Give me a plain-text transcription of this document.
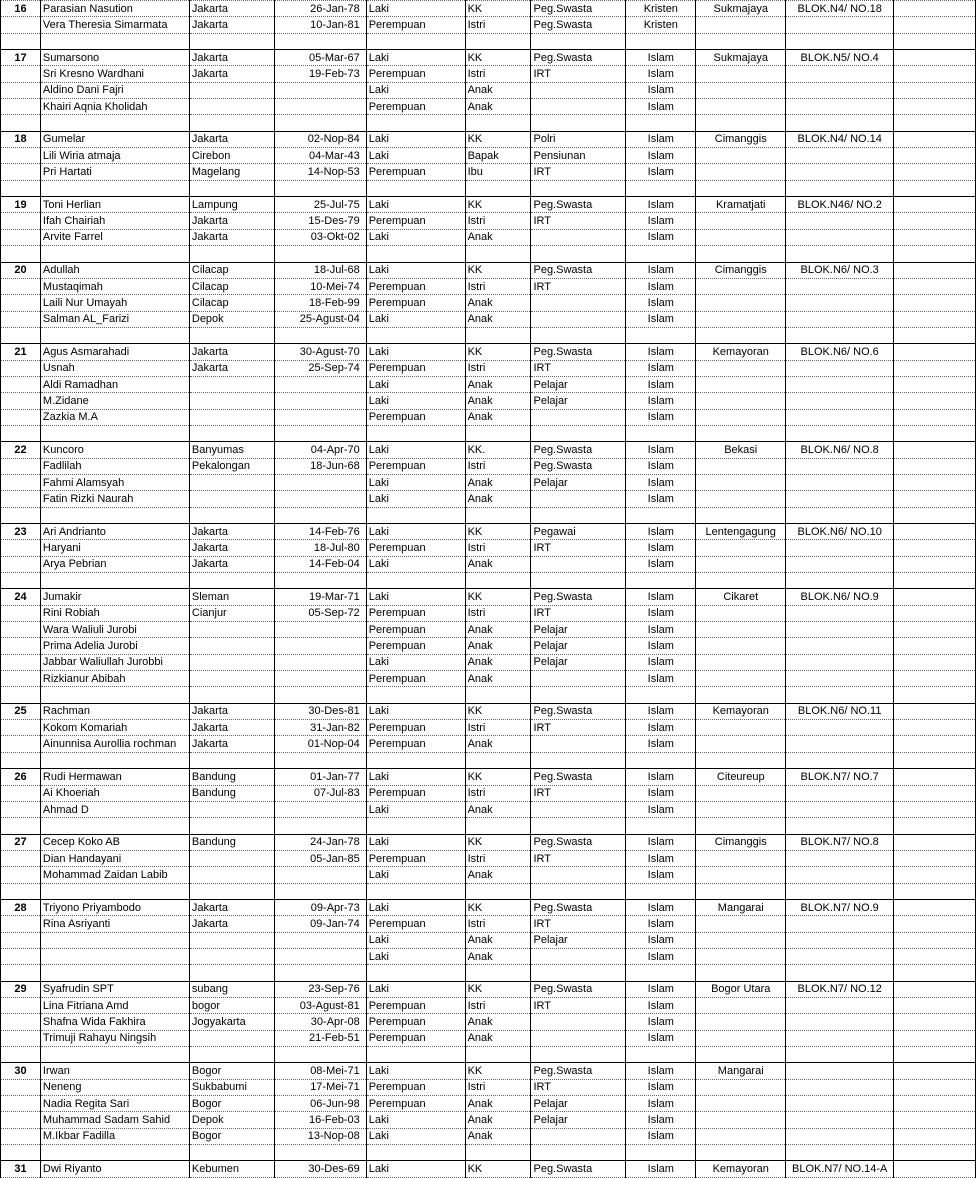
16	Parasian Nasution	Jakarta	26-Jan-78	Laki	KK	Peg.Swasta	Kristen	Sukmajaya	BLOK.N4/ NO.18	
	Vera Theresia Simarmata	Jakarta	10-Jan-81	Perempuan	Istri	Peg.Swasta	Kristen			

17	Sumarsono	Jakarta	05-Mar-67	Laki	KK	Peg.Swasta	Islam	Sukmajaya	BLOK.N5/ NO.4	
	Sri Kresno Wardhani	Jakarta	19-Feb-73	Perempuan	Istri	IRT	Islam			
	Aldino Dani Fajri			Laki	Anak		Islam			
	Khairi Aqnia Kholidah			Perempuan	Anak		Islam			

18	Gumelar	Jakarta	02-Nop-84	Laki	KK	Polri	Islam	Cimanggis	BLOK.N4/ NO.14	
	Lili Wiria atmaja	Cirebon	04-Mar-43	Laki	Bapak	Pensiunan	Islam			
	Pri Hartati	Magelang	14-Nop-53	Perempuan	Ibu	IRT	Islam			

19	Toni Herlian	Lampung	25-Jul-75	Laki	KK	Peg.Swasta	Islam	Kramatjati	BLOK.N46/ NO.2	
	Ifah Chairiah	Jakarta	15-Des-79	Perempuan	Istri	IRT	Islam			
	Arvite Farrel	Jakarta	03-Okt-02	Laki	Anak		Islam			

20	Adullah	Cilacap	18-Jul-68	Laki	KK	Peg.Swasta	Islam	Cimanggis	BLOK.N6/ NO.3	
	Mustaqimah	Cilacap	10-Mei-74	Perempuan	Istri	IRT	Islam			
	Laili Nur Umayah	Cilacap	18-Feb-99	Perempuan	Anak		Islam			
	Salman AL_Farizi	Depok	25-Agust-04	Laki	Anak		Islam			

21	Agus Asmarahadi	Jakarta	30-Agust-70	Laki	KK	Peg.Swasta	Islam	Kemayoran	BLOK.N6/ NO.6	
	Usnah	Jakarta	25-Sep-74	Perempuan	Istri	IRT	Islam			
	Aldi Ramadhan			Laki	Anak	Pelajar	Islam			
	M.Zidane			Laki	Anak	Pelajar	Islam			
	Zazkia M.A			Perempuan	Anak		Islam			

22	Kuncoro	Banyumas	04-Apr-70	Laki	KK.	Peg.Swasta	Islam	Bekasi	BLOK.N6/ NO.8	
	Fadlilah	Pekalongan	18-Jun-68	Perempuan	Istri	Peg.Swasta	Islam			
	Fahmi Alamsyah			Laki	Anak	Pelajar	Islam			
	Fatin Rizki Naurah			Laki	Anak		Islam			

23	Ari Andrianto	Jakarta	14-Feb-76	Laki	KK	Pegawai	Islam	Lentengagung	BLOK.N6/ NO.10	
	Haryani	Jakarta	18-Jul-80	Perempuan	Istri	IRT	Islam			
	Arya Pebrian	Jakarta	14-Feb-04	Laki	Anak		Islam			

24	Jumakir	Sleman	19-Mar-71	Laki	KK	Peg.Swasta	Islam	Cikaret	BLOK.N6/ NO.9	
	Rini Robiah	Cianjur	05-Sep-72	Perempuan	Istri	IRT	Islam			
	Wara Waliuli Jurobi			Perempuan	Anak	Pelajar	Islam			
	Prima Adelia Jurobi			Perempuan	Anak	Pelajar	Islam			
	Jabbar Waliullah Jurobbi			Laki	Anak	Pelajar	Islam			
	Rizkianur Abibah			Perempuan	Anak		Islam			

25	Rachman	Jakarta	30-Des-81	Laki	KK	Peg.Swasta	Islam	Kemayoran	BLOK.N6/ NO.11	
	Kokom Komariah	Jakarta	31-Jan-82	Perempuan	Istri	IRT	Islam			
	Ainunnisa Aurollia rochman	Jakarta	01-Nop-04	Perempuan	Anak		Islam			

26	Rudi Hermawan	Bandung	01-Jan-77	Laki	KK	Peg.Swasta	Islam	Citeureup	BLOK.N7/ NO.7	
	Ai Khoeriah	Bandung	07-Jul-83	Perempuan	Istri	IRT	Islam			
	Ahmad D			Laki	Anak		Islam			

27	Cecep Koko AB	Bandung	24-Jan-78	Laki	KK	Peg.Swasta	Islam	Cimanggis	BLOK.N7/ NO.8	
	Dian Handayani		05-Jan-85	Perempuan	Istri	IRT	Islam			
	Mohammad Zaidan Labib			Laki	Anak		Islam			

28	Triyono Priyambodo	Jakarta	09-Apr-73	Laki	KK	Peg.Swasta	Islam	Mangarai	BLOK.N7/ NO.9	
	Rina Asriyanti	Jakarta	09-Jan-74	Perempuan	Istri	IRT	Islam			
				Laki	Anak	Pelajar	Islam			
				Laki	Anak		Islam			

29	Syafrudin SPT	subang	23-Sep-76	Laki	KK	Peg.Swasta	Islam	Bogor Utara	BLOK.N7/ NO.12	
	Lina Fitriana Amd	bogor	03-Agust-81	Perempuan	Istri	IRT	Islam			
	Shafna Wida Fakhira	Jogyakarta	30-Apr-08	Perempuan	Anak		Islam			
	Trimuji Rahayu Ningsih		21-Feb-51	Perempuan	Anak		Islam			

30	Irwan	Bogor	08-Mei-71	Laki	KK	Peg.Swasta	Islam	Mangarai		
	Neneng	Sukbabumi	17-Mei-71	Perempuan	Istri	IRT	Islam			
	Nadia Regita Sari	Bogor	06-Jun-98	Perempuan	Anak	Pelajar	Islam			
	Muhammad Sadam Sahid	Depok	16-Feb-03	Laki	Anak	Pelajar	Islam			
	M.Ikbar Fadilla	Bogor	13-Nop-08	Laki	Anak		Islam			

31	Dwi Riyanto	Kebumen	30-Des-69	Laki	KK	Peg.Swasta	Islam	Kemayoran	BLOK.N7/ NO.14-A	
